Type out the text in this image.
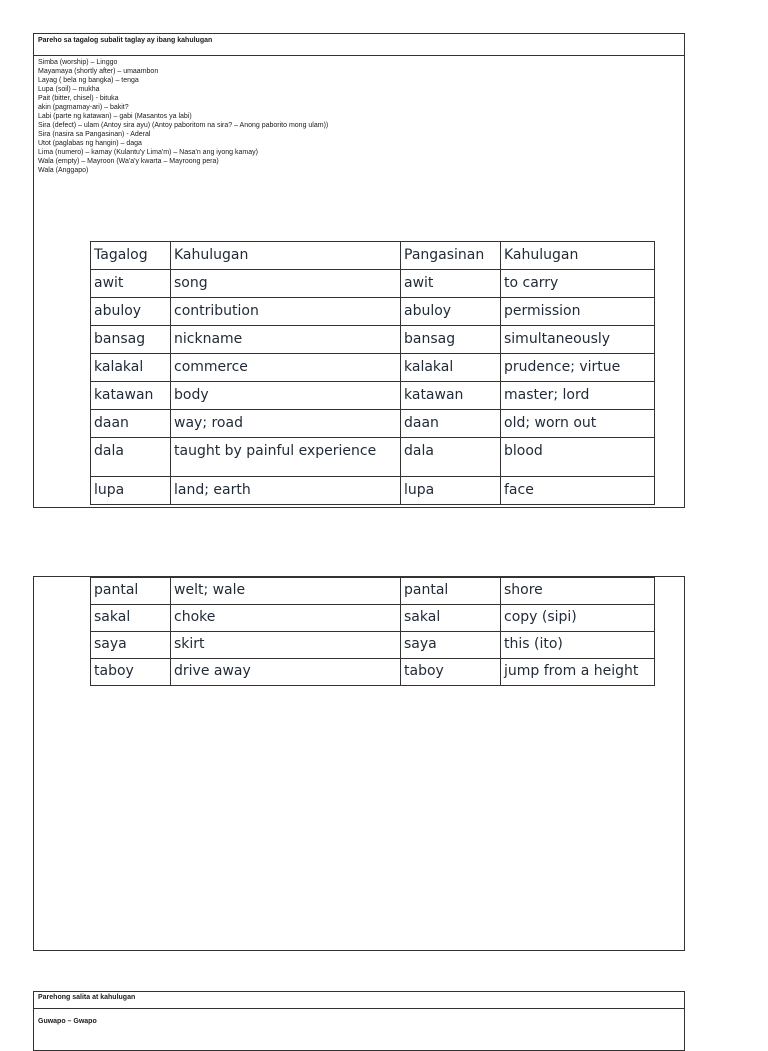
Pareho sa tagalog subalit taglay ay ibang kahulugan
Simba (worship) – Linggo
Mayamaya (shortly after) – umaambon
Layag ( bela ng bangka) – tenga
Lupa (soil) – mukha
Pait (bitter, chisel) - bituka
akin (pagmamay-ari) – bakit?
Labi (parte ng katawan) – gabi (Masantos ya labi)
Sira (defect) – ulam (Antoy sira ayu) (Antoy paboritom na sira? – Anong paborito mong ulam))
Sira (nasira sa Pangasinan) - Aderal
Utot (paglabas ng hangin) – daga
Lima (numero) – kamay (Kulantu'y Lima'm) – Nasa'n ang iyong kamay)
Wala (empty) – Mayroon (Wa'a'y kwarta – Mayroong pera)
Wala (Anggapo)
Tagalog	Kahulugan	Pangasinan	Kahulugan
awit	song	awit	to carry
abuloy	contribution	abuloy	permission
bansag	nickname	bansag	simultaneously
kalakal	commerce	kalakal	prudence; virtue
katawan	body	katawan	master; lord
daan	way; road	daan	old; worn out
dala	taught by painful experience	dala	blood
lupa	land; earth	lupa	face
pantal	welt; wale	pantal	shore
sakal	choke	sakal	copy (sipi)
saya	skirt	saya	this (ito)
taboy	drive away	taboy	jump from a height
Parehong salita at kahulugan
Guwapo – Gwapo
